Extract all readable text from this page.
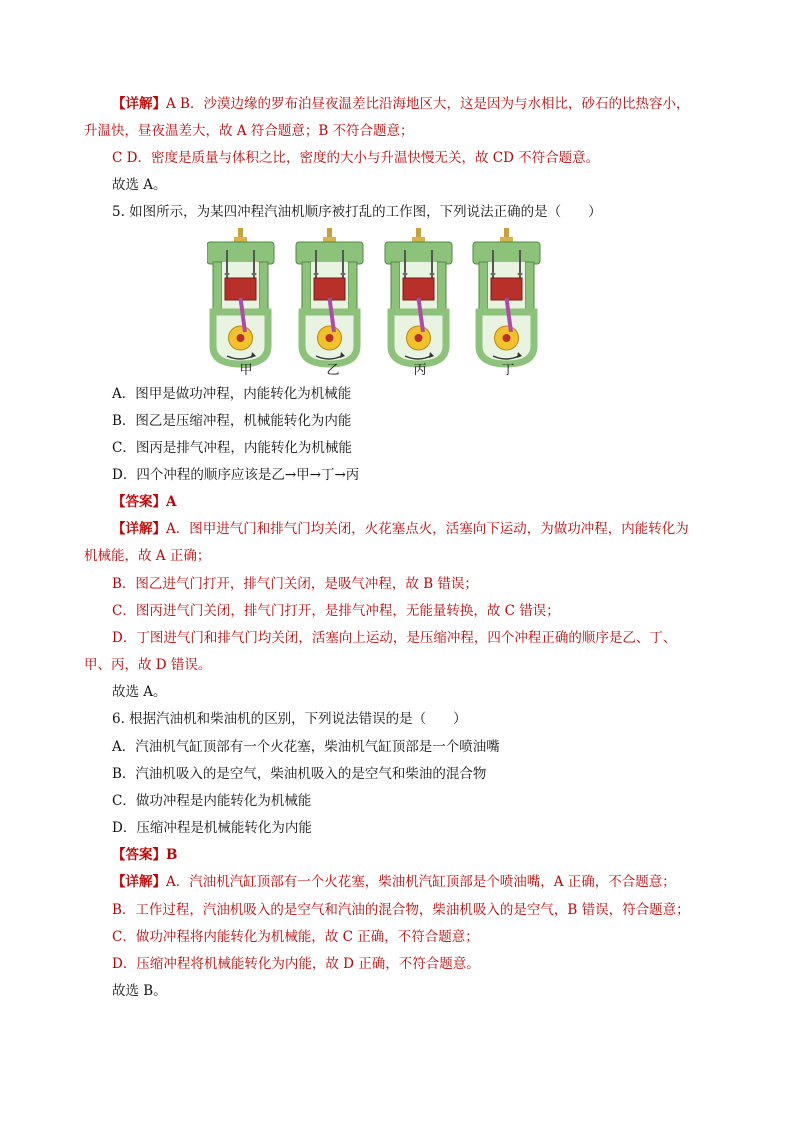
【详解】A B．沙漠边缘的罗布泊昼夜温差比沿海地区大，这是因为与水相比，砂石的比热容小，
升温快，昼夜温差大，故 A 符合题意；B 不符合题意；
C D．密度是质量与体积之比，密度的大小与升温快慢无关，故 CD 不符合题意。
故选 A。
5. 如图所示，为某四冲程汽油机顺序被打乱的工作图，下列说法正确的是（　　）
甲	乙	丙	丁
A．图甲是做功冲程，内能转化为机械能
B．图乙是压缩冲程，机械能转化为内能
C．图丙是排气冲程，内能转化为机械能
D．四个冲程的顺序应该是乙→甲→丁→丙
【答案】A
【详解】A．图甲进气门和排气门均关闭，火花塞点火，活塞向下运动，为做功冲程，内能转化为
机械能，故 A 正确；
B．图乙进气门打开，排气门关闭，是吸气冲程，故 B 错误；
C．图丙进气门关闭，排气门打开，是排气冲程，无能量转换，故 C 错误；
D．丁图进气门和排气门均关闭，活塞向上运动，是压缩冲程，四个冲程正确的顺序是乙、丁、
甲、丙，故 D 错误。
故选 A。
6. 根据汽油机和柴油机的区别，下列说法错误的是（　　）
A．汽油机气缸顶部有一个火花塞，柴油机气缸顶部是一个喷油嘴
B．汽油机吸入的是空气，柴油机吸入的是空气和柴油的混合物
C．做功冲程是内能转化为机械能
D．压缩冲程是机械能转化为内能
【答案】B
【详解】A．汽油机汽缸顶部有一个火花塞，柴油机汽缸顶部是个喷油嘴，A 正确，不合题意；
B．工作过程，汽油机吸入的是空气和汽油的混合物，柴油机吸入的是空气，B 错误，符合题意；
C．做功冲程将内能转化为机械能，故 C 正确，不符合题意；
D．压缩冲程将机械能转化为内能，故 D 正确，不符合题意。
故选 B。
